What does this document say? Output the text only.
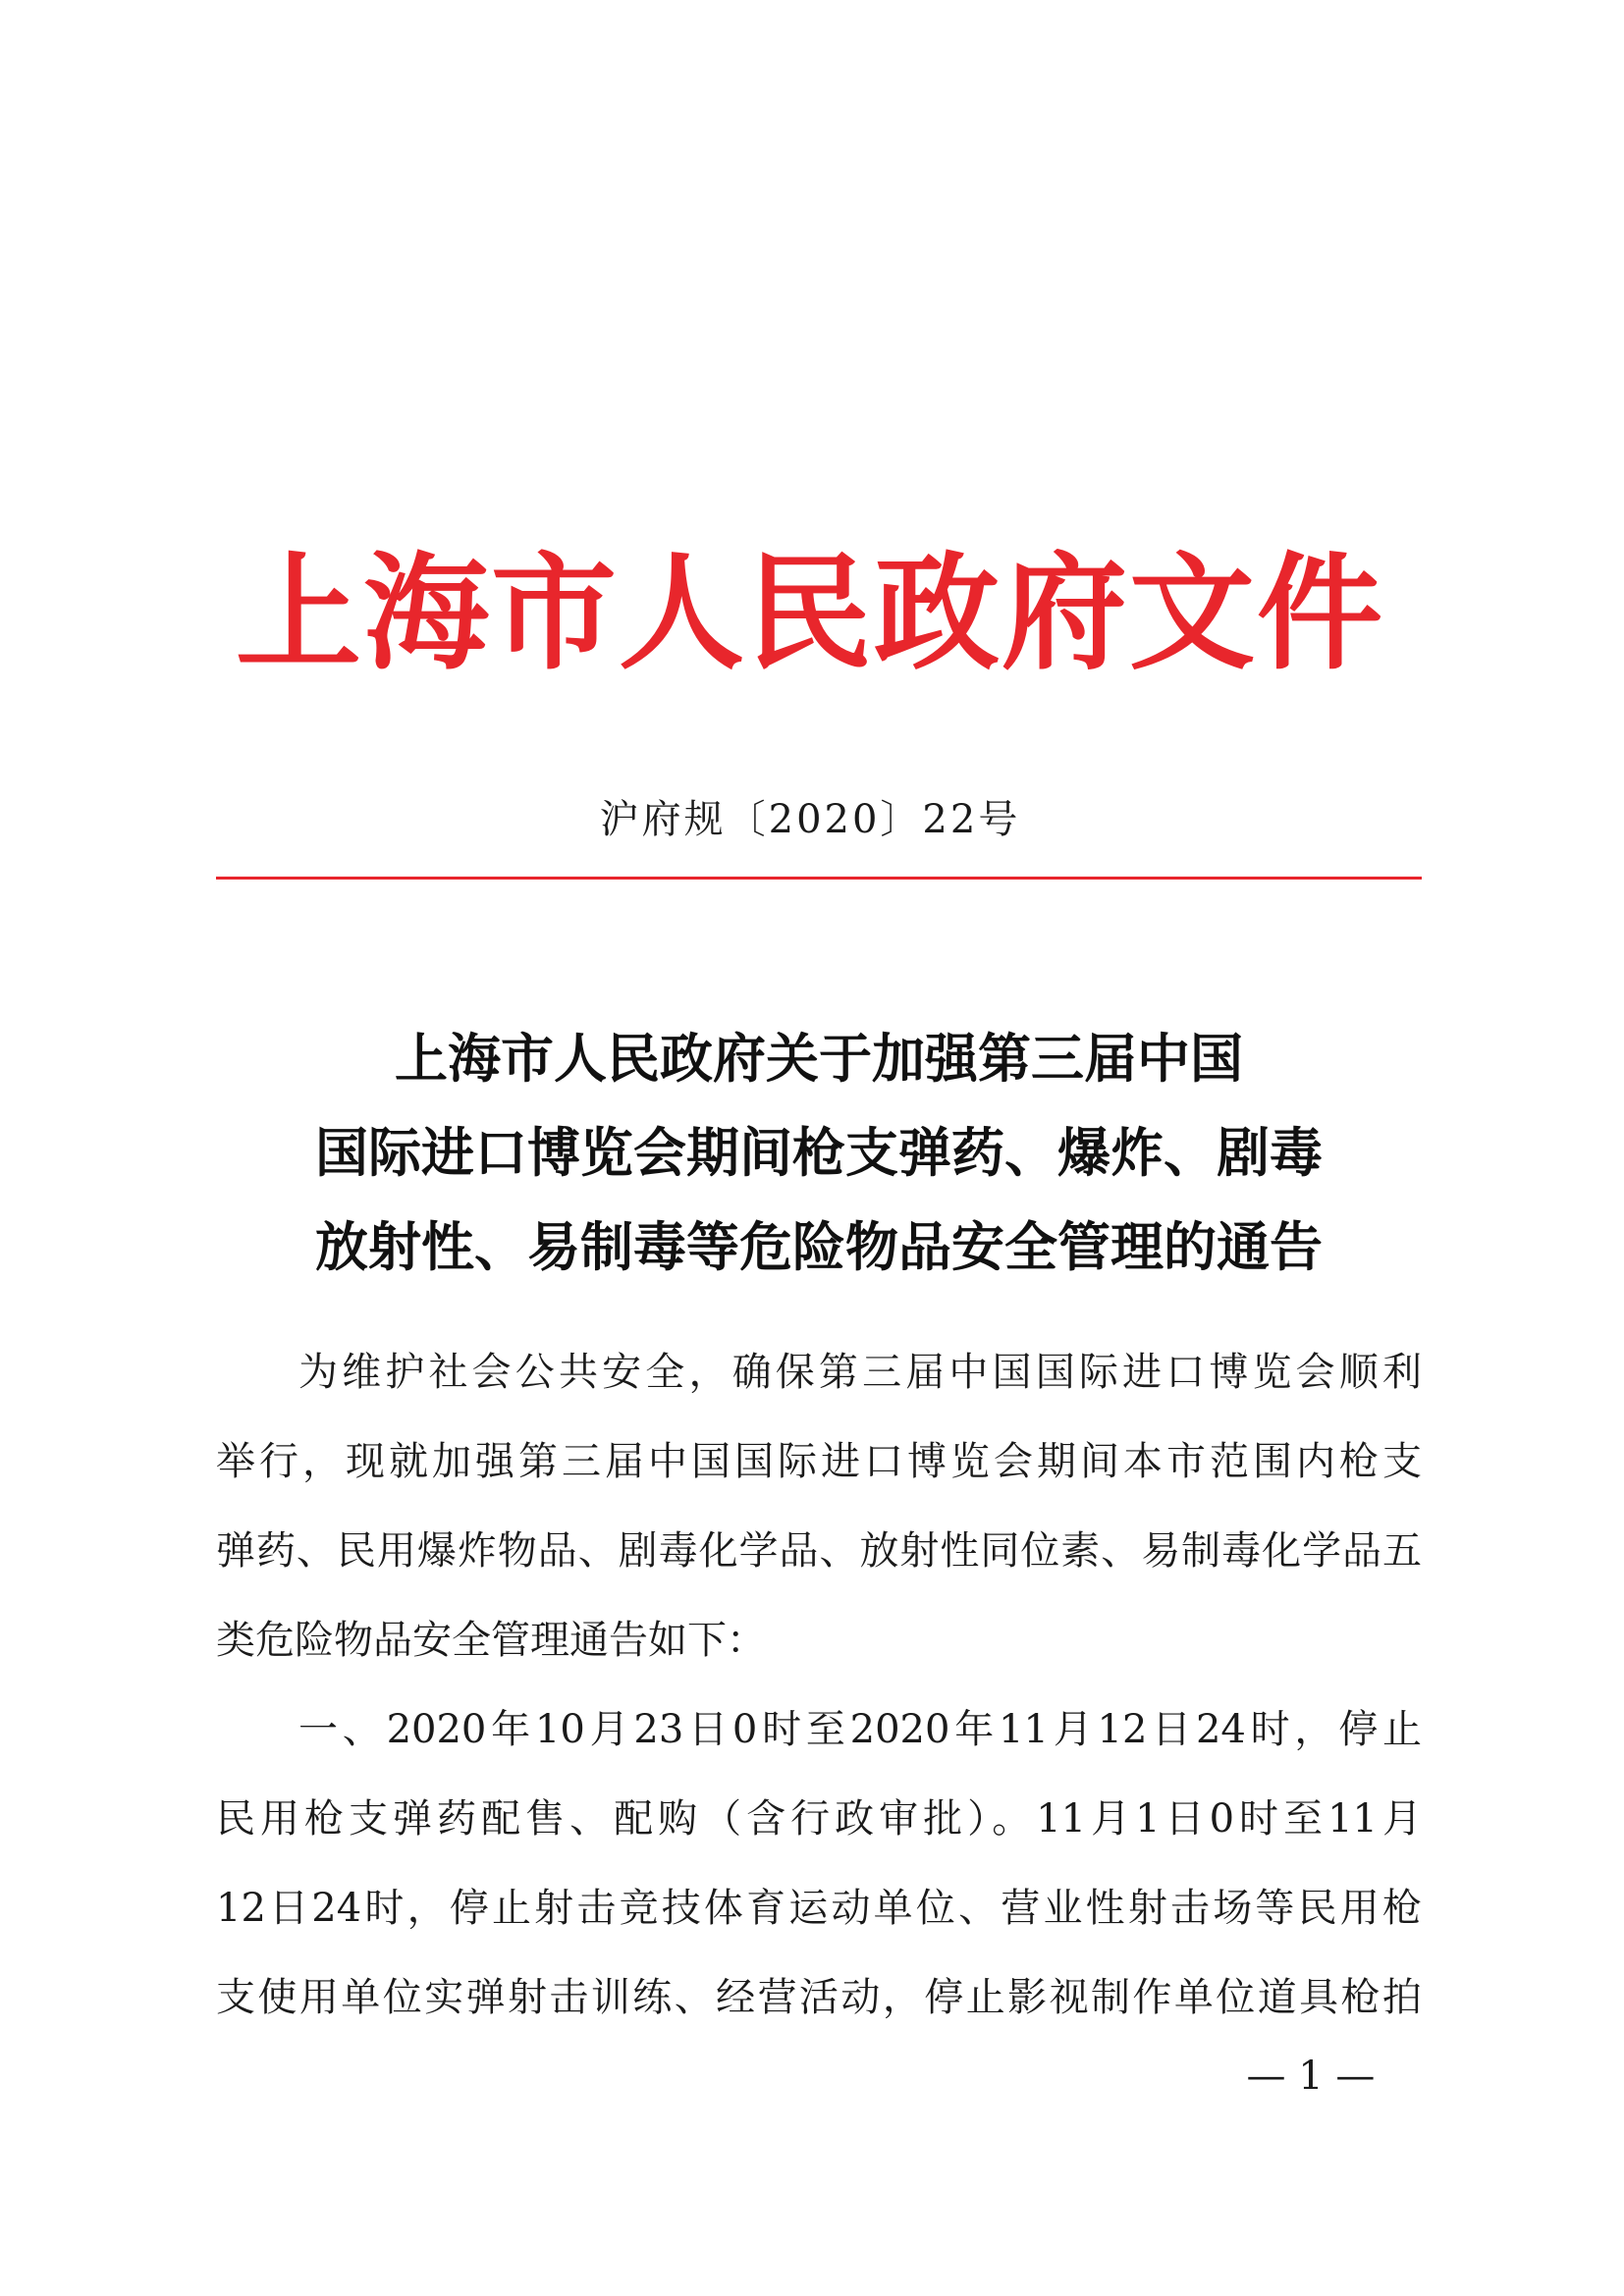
上海市人民政府文件
沪府规〔2020〕22号
上海市人民政府关于加强第三届中国
国际进口博览会期间枪支弹药、爆炸、剧毒
放射性、易制毒等危险物品安全管理的通告
为维护社会公共安全，确保第三届中国国际进口博览会顺利
举行，现就加强第三届中国国际进口博览会期间本市范围内枪支
弹药、民用爆炸物品、剧毒化学品、放射性同位素、易制毒化学品五
类危险物品安全管理通告如下：
一、2020年10月23日0时至2020年11月12日24时，停止
民用枪支弹药配售、配购（含行政审批）。11月1日0时至11月
12日24时，停止射击竞技体育运动单位、营业性射击场等民用枪
支使用单位实弹射击训练、经营活动，停止影视制作单位道具枪拍
— 1 —
